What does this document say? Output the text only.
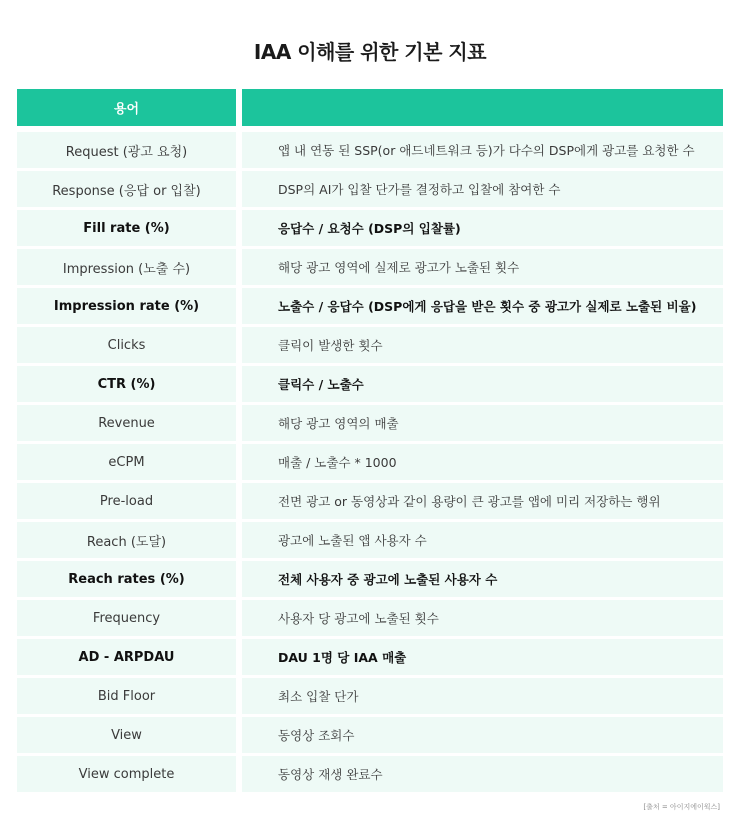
IAA 이해를 위한 기본 지표
용어
Request (광고 요청)	앱 내 연동 된 SSP(or 애드네트워크 등)가 다수의 DSP에게 광고를 요청한 수
Response (응답 or 입찰)	DSP의 AI가 입찰 단가를 결정하고 입찰에 참여한 수
Fill rate (%)	응답수 / 요청수 (DSP의 입찰률)
Impression (노출 수)	해당 광고 영역에 실제로 광고가 노출된 횟수
Impression rate (%)	노출수 / 응답수 (DSP에게 응답을 받은 횟수 중 광고가 실제로 노출된 비율)
Clicks	클릭이 발생한 횟수
CTR (%)	클릭수 / 노출수
Revenue	해당 광고 영역의 매출
eCPM	매출 / 노출수 * 1000
Pre-load	전면 광고 or 동영상과 같이 용량이 큰 광고를 앱에 미리 저장하는 행위
Reach (도달)	광고에 노출된 앱 사용자 수
Reach rates (%)	전체 사용자 중 광고에 노출된 사용자 수
Frequency	사용자 당 광고에 노출된 횟수
AD - ARPDAU	DAU 1명 당 IAA 매출
Bid Floor	최소 입찰 단가
View	동영상 조회수
View complete	동영상 재생 완료수
[출처 = 아이지에이웍스]
